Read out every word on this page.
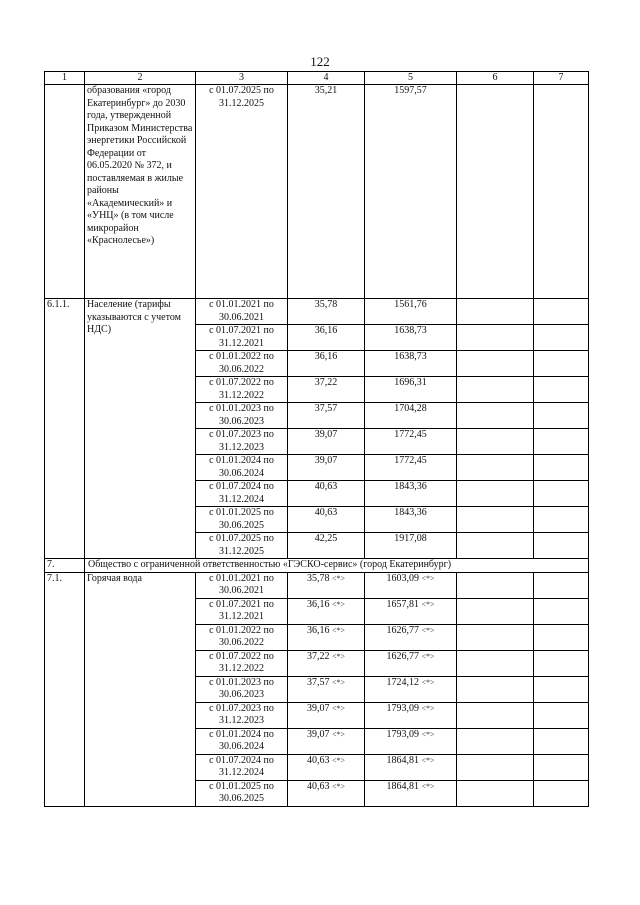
122
1	2	3	4	5	6	7
	образования «город Екатеринбург» до 2030 года, утвержденной Приказом Министерства энергетики Российской Федерации от 06.05.2020 № 372, и поставляемая в жилые районы «Академический» и «УНЦ» (в том числе микрорайон «Краснолесье»)	с 01.07.2025 по 31.12.2025	35,21	1597,57		
6.1.1.	Население (тарифы указываются с учетом НДС)	с 01.01.2021 по 30.06.2021	35,78	1561,76		
		с 01.07.2021 по 31.12.2021	36,16	1638,73		
		с 01.01.2022 по 30.06.2022	36,16	1638,73		
		с 01.07.2022 по 31.12.2022	37,22	1696,31		
		с 01.01.2023 по 30.06.2023	37,57	1704,28		
		с 01.07.2023 по 31.12.2023	39,07	1772,45		
		с 01.01.2024 по 30.06.2024	39,07	1772,45		
		с 01.07.2024 по 31.12.2024	40,63	1843,36		
		с 01.01.2025 по 30.06.2025	40,63	1843,36		
		с 01.07.2025 по 31.12.2025	42,25	1917,08		
7.	Общество с ограниченной ответственностью «ГЭСКО-сервис» (город Екатеринбург)					
7.1.	Горячая вода	с 01.01.2021 по 30.06.2021	35,78 <*>	1603,09 <*>		
		с 01.07.2021 по 31.12.2021	36,16 <*>	1657,81 <*>		
		с 01.01.2022 по 30.06.2022	36,16 <*>	1626,77 <*>		
		с 01.07.2022 по 31.12.2022	37,22 <*>	1626,77 <*>		
		с 01.01.2023 по 30.06.2023	37,57 <*>	1724,12 <*>		
		с 01.07.2023 по 31.12.2023	39,07 <*>	1793,09 <*>		
		с 01.01.2024 по 30.06.2024	39,07 <*>	1793,09 <*>		
		с 01.07.2024 по 31.12.2024	40,63 <*>	1864,81 <*>		
		с 01.01.2025 по 30.06.2025	40,63 <*>	1864,81 <*>		
